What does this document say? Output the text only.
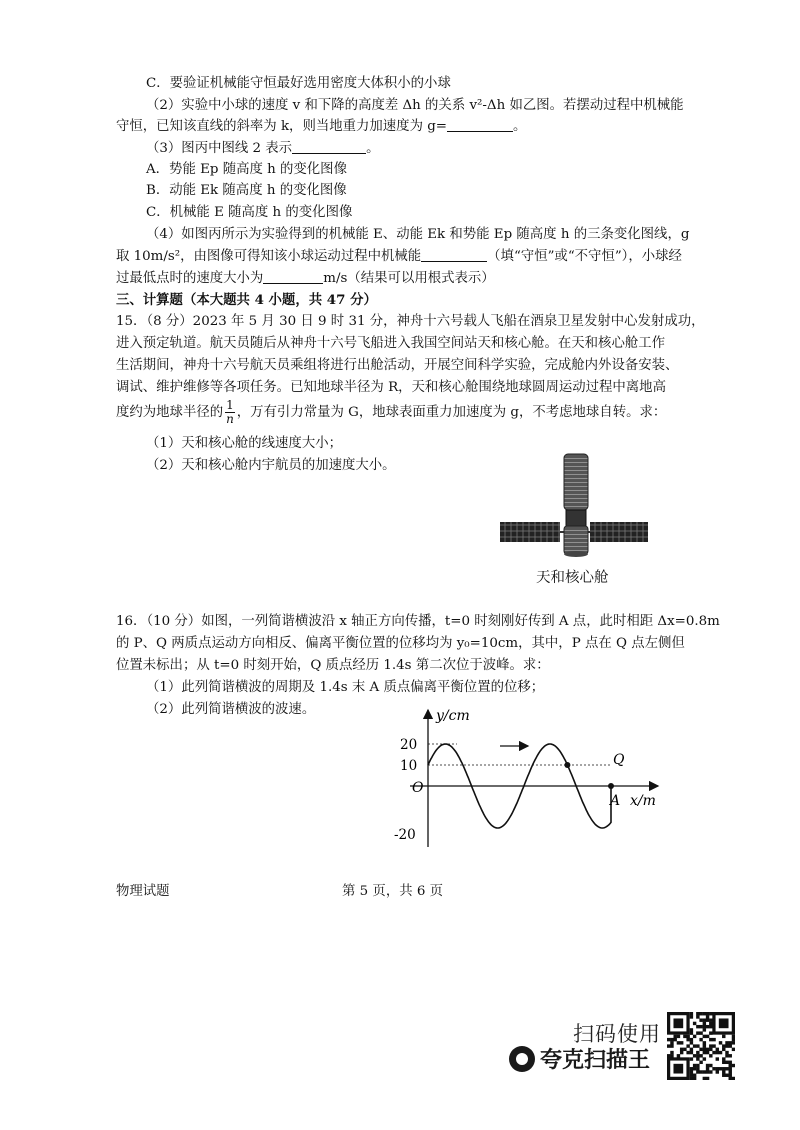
C．要验证机械能守恒最好选用密度大体积小的小球
（2）实验中小球的速度 v 和下降的高度差 Δh 的关系 v²-Δh 如乙图。若摆动过程中机械能
守恒，已知该直线的斜率为 k，则当地重力加速度为 g=	。
（3）图丙中图线 2 表示	。
A．势能 Ep 随高度 h 的变化图像
B．动能 Ek 随高度 h 的变化图像
C．机械能 E 随高度 h 的变化图像
（4）如图丙所示为实验得到的机械能 E、动能 Ek 和势能 Ep 随高度 h 的三条变化图线，g
取 10m/s²，由图像可得知该小球运动过程中机械能	（填“守恒”或“不守恒”），小球经
过最低点时的速度大小为	m/s（结果可以用根式表示）
三、计算题（本大题共 4 小题，共 47 分）
15．（8 分）2023 年 5 月 30 日 9 时 31 分，神舟十六号载人飞船在酒泉卫星发射中心发射成功，
进入预定轨道。航天员随后从神舟十六号飞船进入我国空间站天和核心舱。在天和核心舱工作
生活期间，神舟十六号航天员乘组将进行出舱活动，开展空间科学实验，完成舱内外设备安装、
调试、维护维修等各项任务。已知地球半径为 R，天和核心舱围绕地球圆周运动过程中离地高
度约为地球半径的 $\frac{1}{n}$ ，万有引力常量为 G，地球表面重力加速度为 g，不考虑地球自转。求：
（1）天和核心舱的线速度大小；
（2）天和核心舱内宇航员的加速度大小。
天和核心舱
16．（10 分）如图，一列简谐横波沿 x 轴正方向传播，t=0 时刻刚好传到 A 点，此时相距 Δx=0.8m
的 P、Q 两质点运动方向相反、偏离平衡位置的位移均为 y₀=10cm，其中，P 点在 Q 点左侧但
位置未标出；从 t=0 时刻开始，Q 质点经历 1.4s 第二次位于波峰。求：
（1）此列简谐横波的周期及 1.4s 末 A 质点偏离平衡位置的位移；
（2）此列简谐横波的波速。	y/cm
20
10
-20
O
Q
A x/m
物理试题	第 5 页，共 6 页
扫码使用
夸克扫描王
